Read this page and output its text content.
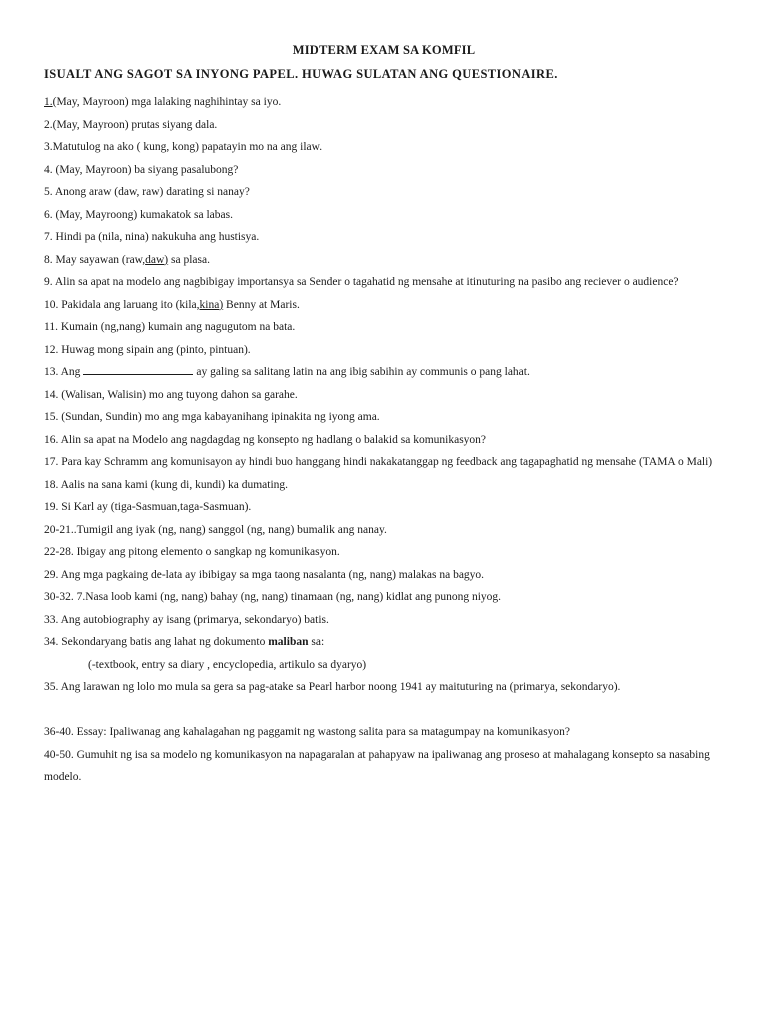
MIDTERM EXAM SA KOMFIL
ISUALT ANG SAGOT SA INYONG PAPEL. HUWAG SULATAN ANG QUESTIONAIRE.
1.(May, Mayroon) mga lalaking naghihintay sa iyo.
2.(May, Mayroon) prutas siyang dala.
3.Matutulog na ako ( kung, kong) papatayin mo na ang ilaw.
4. (May, Mayroon) ba siyang pasalubong?
5. Anong araw (daw, raw) darating si nanay?
6. (May, Mayroong) kumakatok sa labas.
7. Hindi pa (nila, nina) nakukuha ang hustisya.
8. May sayawan (raw,daw) sa plasa.
9. Alin sa apat na modelo ang nagbibigay importansya sa Sender o tagahatid ng mensahe at itinuturing na pasibo ang reciever o audience?
10. Pakidala ang laruang ito (kila,kina) Benny at Maris.
11. Kumain (ng,nang) kumain ang nagugutom na bata.
12. Huwag mong sipain ang (pinto, pintuan).
13. Ang	ay galing sa salitang latin na ang ibig sabihin ay communis o pang lahat.
14. (Walisan, Walisin) mo ang tuyong dahon sa garahe.
15. (Sundan, Sundin) mo ang mga kabayanihang ipinakita ng iyong ama.
16. Alin sa apat na Modelo ang nagdagdag ng konsepto ng hadlang o balakid sa komunikasyon?
17. Para kay Schramm ang komunisayon ay hindi buo hanggang hindi nakakatanggap ng feedback ang tagapaghatid ng mensahe (TAMA o Mali)
18. Aalis na sana kami (kung di, kundi) ka dumating.
19. Si Karl ay (tiga-Sasmuan,taga-Sasmuan).
20-21..Tumigil ang iyak (ng, nang) sanggol (ng, nang) bumalik ang nanay.
22-28. Ibigay ang pitong elemento o sangkap ng komunikasyon.
29. Ang mga pagkaing de-lata ay ibibigay sa mga taong nasalanta (ng, nang) malakas na bagyo.
30-32. 7.Nasa loob kami (ng, nang) bahay (ng, nang) tinamaan (ng, nang) kidlat ang punong niyog.
33. Ang autobiography ay isang (primarya, sekondaryo) batis.
34. Sekondaryang batis ang lahat ng dokumento maliban sa:
(-textbook, entry sa diary , encyclopedia, artikulo sa dyaryo)
35. Ang larawan ng lolo mo mula sa gera sa pag-atake sa Pearl harbor noong 1941 ay maituturing na (primarya, sekondaryo).
36-40. Essay: Ipaliwanag ang kahalagahan ng paggamit ng wastong salita para sa matagumpay na komunikasyon?
40-50. Gumuhit ng isa sa modelo ng komunikasyon na napagaralan at pahapyaw na ipaliwanag ang proseso at mahalagang konsepto sa nasabing modelo.
